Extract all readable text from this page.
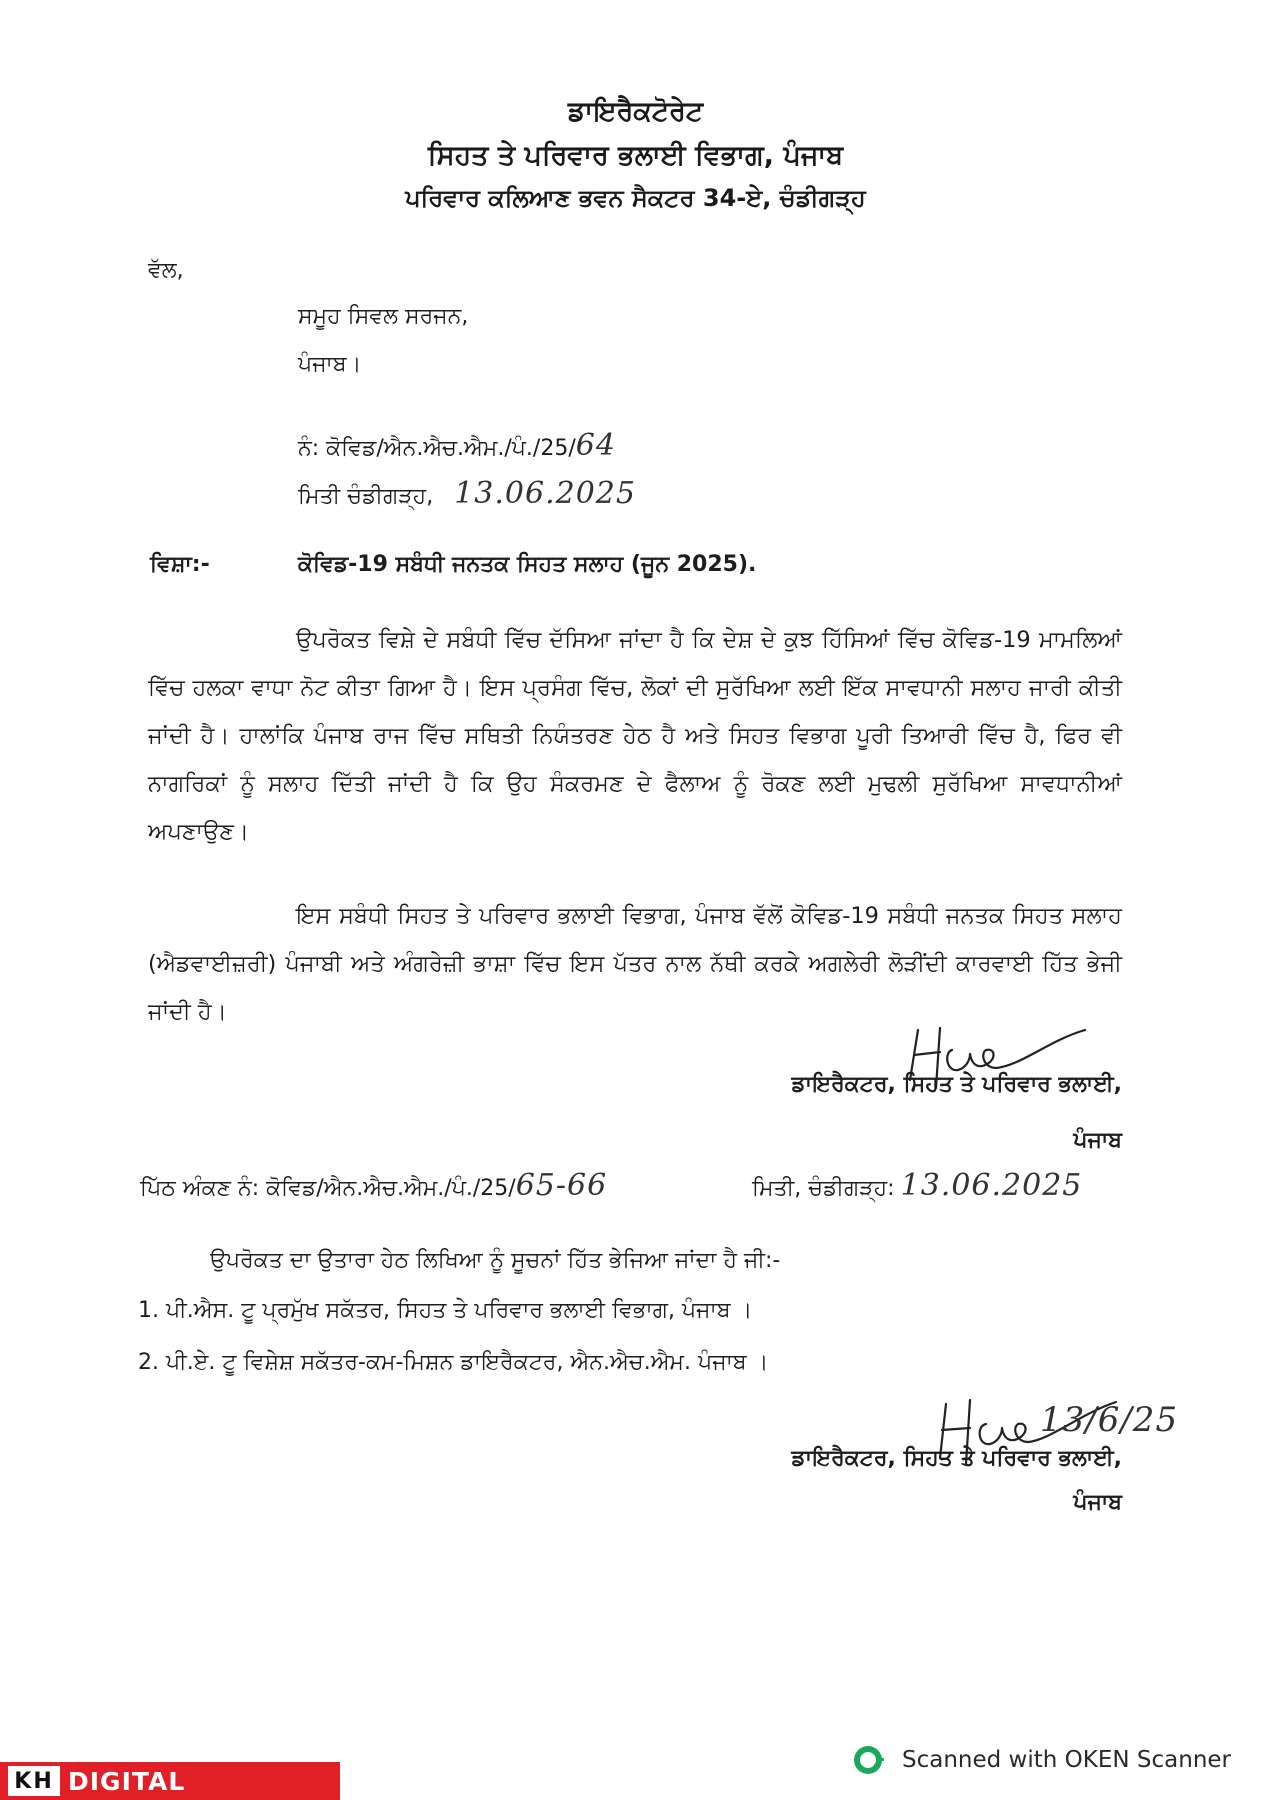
ਡਾਇਰੈਕਟੋਰੇਟ
ਸਿਹਤ ਤੇ ਪਰਿਵਾਰ ਭਲਾਈ ਵਿਭਾਗ, ਪੰਜਾਬ
ਪਰਿਵਾਰ ਕਲਿਆਣ ਭਵਨ ਸੈਕਟਰ 34-ਏ, ਚੰਡੀਗੜ੍ਹ
ਵੱਲ,
ਸਮੂਹ ਸਿਵਲ ਸਰਜਨ,
ਪੰਜਾਬ।
ਨੰ: ਕੋਵਿਡ/ਐਨ.ਐਚ.ਐਮ./ਪੰ./25/64
ਮਿਤੀ ਚੰਡੀਗੜ੍ਹ, 13.06.2025
ਵਿਸ਼ਾ:-	ਕੋਵਿਡ-19 ਸਬੰਧੀ ਜਨਤਕ ਸਿਹਤ ਸਲਾਹ (ਜੂਨ 2025).
ਉਪਰੋਕਤ ਵਿਸ਼ੇ ਦੇ ਸਬੰਧੀ ਵਿੱਚ ਦੱਸਿਆ ਜਾਂਦਾ ਹੈ ਕਿ ਦੇਸ਼ ਦੇ ਕੁਝ ਹਿੱਸਿਆਂ ਵਿੱਚ ਕੋਵਿਡ-19 ਮਾਮਲਿਆਂ ਵਿੱਚ ਹਲਕਾ ਵਾਧਾ ਨੋਟ ਕੀਤਾ ਗਿਆ ਹੈ। ਇਸ ਪ੍ਰਸੰਗ ਵਿੱਚ, ਲੋਕਾਂ ਦੀ ਸੁਰੱਖਿਆ ਲਈ ਇੱਕ ਸਾਵਧਾਨੀ ਸਲਾਹ ਜਾਰੀ ਕੀਤੀ ਜਾਂਦੀ ਹੈ। ਹਾਲਾਂਕਿ ਪੰਜਾਬ ਰਾਜ ਵਿੱਚ ਸਥਿਤੀ ਨਿਯੰਤਰਣ ਹੇਠ ਹੈ ਅਤੇ ਸਿਹਤ ਵਿਭਾਗ ਪੂਰੀ ਤਿਆਰੀ ਵਿੱਚ ਹੈ, ਫਿਰ ਵੀ ਨਾਗਰਿਕਾਂ ਨੂੰ ਸਲਾਹ ਦਿੱਤੀ ਜਾਂਦੀ ਹੈ ਕਿ ਉਹ ਸੰਕਰਮਣ ਦੇ ਫੈਲਾਅ ਨੂੰ ਰੋਕਣ ਲਈ ਮੁਢਲੀ ਸੁਰੱਖਿਆ ਸਾਵਧਾਨੀਆਂ ਅਪਣਾਉਣ।
ਇਸ ਸਬੰਧੀ ਸਿਹਤ ਤੇ ਪਰਿਵਾਰ ਭਲਾਈ ਵਿਭਾਗ, ਪੰਜਾਬ ਵੱਲੋਂ ਕੋਵਿਡ-19 ਸਬੰਧੀ ਜਨਤਕ ਸਿਹਤ ਸਲਾਹ (ਐਡਵਾਈਜ਼ਰੀ) ਪੰਜਾਬੀ ਅਤੇ ਅੰਗਰੇਜ਼ੀ ਭਾਸ਼ਾ ਵਿੱਚ ਇਸ ਪੱਤਰ ਨਾਲ ਨੱਥੀ ਕਰਕੇ ਅਗਲੇਰੀ ਲੋੜੀਂਦੀ ਕਾਰਵਾਈ ਹਿੱਤ ਭੇਜੀ ਜਾਂਦੀ ਹੈ।
ਡਾਇਰੈਕਟਰ, ਸਿਹਤ ਤੇ ਪਰਿਵਾਰ ਭਲਾਈ,
ਪੰਜਾਬ
ਪਿੱਠ ਅੰਕਣ ਨੰ: ਕੋਵਿਡ/ਐਨ.ਐਚ.ਐਮ./ਪੰ./25/65-66	ਮਿਤੀ, ਚੰਡੀਗੜ੍ਹ: 13.06.2025
ਉਪਰੋਕਤ ਦਾ ਉਤਾਰਾ ਹੇਠ ਲਿਖਿਆ ਨੂੰ ਸੂਚਨਾਂ ਹਿੱਤ ਭੇਜਿਆ ਜਾਂਦਾ ਹੈ ਜੀ:-
1. ਪੀ.ਐਸ. ਟੂ ਪ੍ਰਮੁੱਖ ਸਕੱਤਰ, ਸਿਹਤ ਤੇ ਪਰਿਵਾਰ ਭਲਾਈ ਵਿਭਾਗ, ਪੰਜਾਬ ।
2. ਪੀ.ਏ. ਟੂ ਵਿਸ਼ੇਸ਼ ਸਕੱਤਰ-ਕਮ-ਮਿਸ਼ਨ ਡਾਇਰੈਕਟਰ, ਐਨ.ਐਚ.ਐਮ. ਪੰਜਾਬ ।
13/6/25
ਡਾਇਰੈਕਟਰ, ਸਿਹਤ ਤੇ ਪਰਿਵਾਰ ਭਲਾਈ,
ਪੰਜਾਬ
KH DIGITAL
Scanned with OKEN Scanner
